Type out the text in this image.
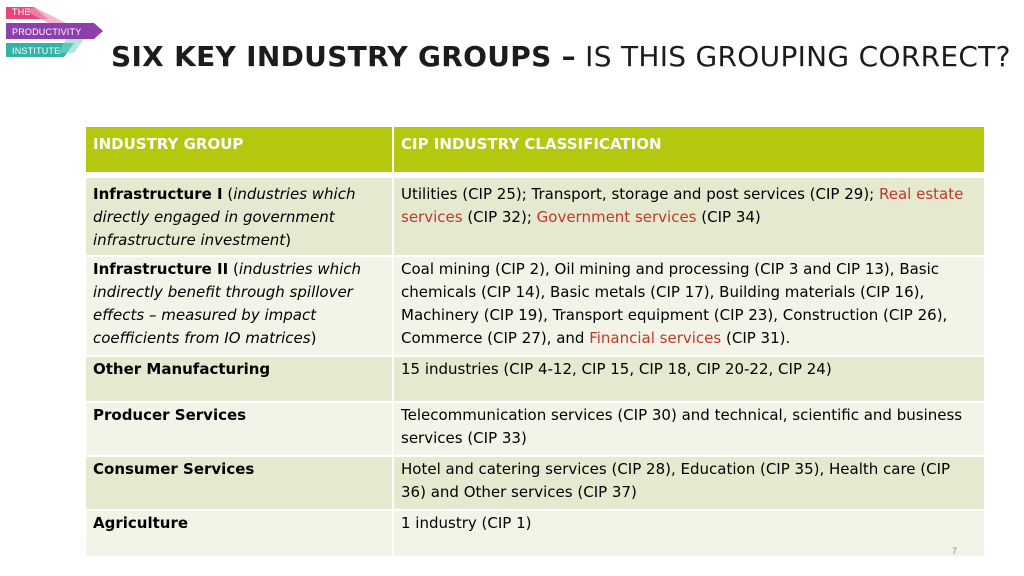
THE
PRODUCTIVITY
INSTITUTE SIX KEY INDUSTRY GROUPS – IS THIS GROUPING CORRECT?
INDUSTRY GROUP	CIP INDUSTRY CLASSIFICATION
Infrastructure I (industries which directly engaged in government infrastructure investment)	Utilities (CIP 25); Transport, storage and post services (CIP 29); Real estate services (CIP 32); Government services (CIP 34)
Infrastructure II (industries which indirectly benefit through spillover effects – measured by impact coefficients from IO matrices)	Coal mining (CIP 2), Oil mining and processing (CIP 3 and CIP 13), Basic chemicals (CIP 14), Basic metals (CIP 17), Building materials (CIP 16), Machinery (CIP 19), Transport equipment (CIP 23), Construction (CIP 26), Commerce (CIP 27), and Financial services (CIP 31).
Other Manufacturing	15 industries (CIP 4-12, CIP 15, CIP 18, CIP 20-22, CIP 24)
Producer Services	Telecommunication services (CIP 30) and technical, scientific and business services (CIP 33)
Consumer Services	Hotel and catering services (CIP 28), Education (CIP 35), Health care (CIP 36) and Other services (CIP 37)
Agriculture	1 industry (CIP 1)
7
